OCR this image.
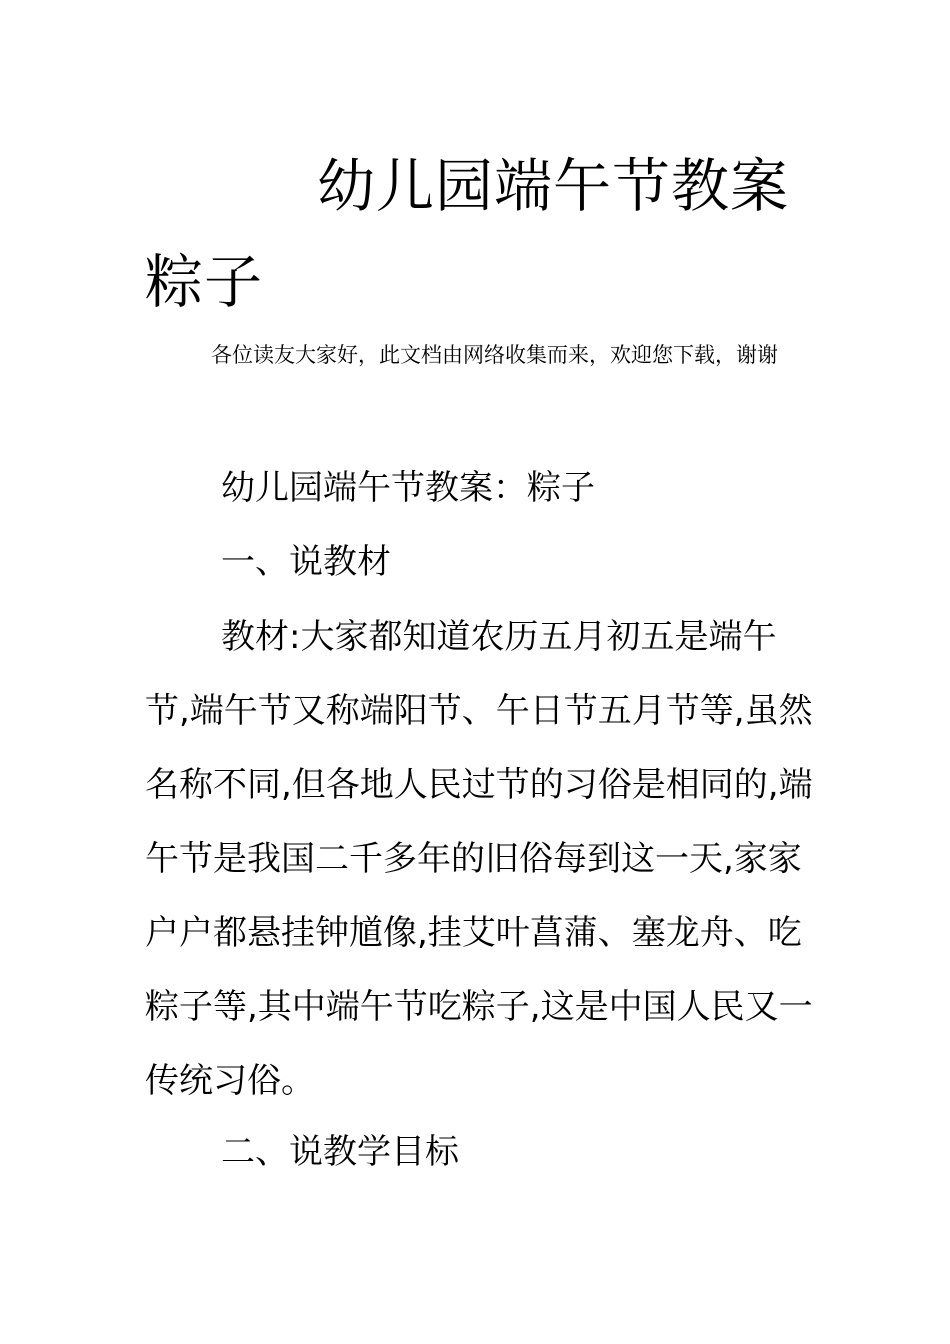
幼儿园端午节教案粽子

各位读友大家好，此文档由网络收集而来，欢迎您下载，谢谢

幼儿园端午节教案：粽子

一、说教材

教材:大家都知道农历五月初五是端午节,端午节又称端阳节、午日节五月节等,虽然名称不同,但各地人民过节的习俗是相同的,端午节是我国二千多年的旧俗每到这一天,家家户户都悬挂钟馗像,挂艾叶菖蒲、塞龙舟、吃粽子等,其中端午节吃粽子,这是中国人民又一传统习俗。

二、说教学目标
